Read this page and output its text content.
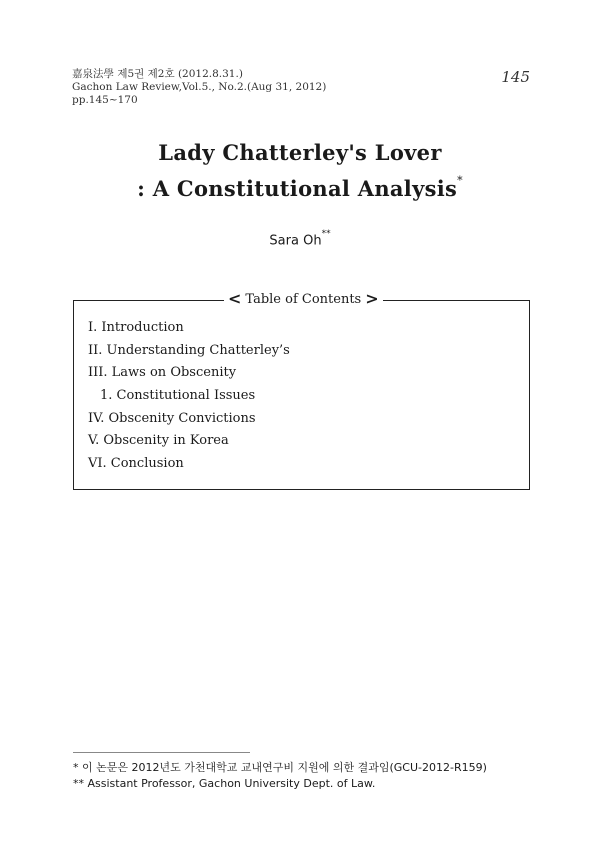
嘉泉法學 제5권 제2호 (2012.8.31.)
Gachon Law Review,Vol.5., No.2.(Aug 31, 2012)
pp.145~170
145
Lady Chatterley's Lover
: A Constitutional Analysis*
Sara Oh**
< Table of Contents >
I. Introduction
II. Understanding Chatterley’s
III. Laws on Obscenity
1. Constitutional Issues
IV. Obscenity Convictions
V. Obscenity in Korea
VI. Conclusion
* 이 논문은 2012년도 가천대학교 교내연구비 지원에 의한 결과임(GCU-2012-R159)
** Assistant Professor, Gachon University Dept. of Law.
